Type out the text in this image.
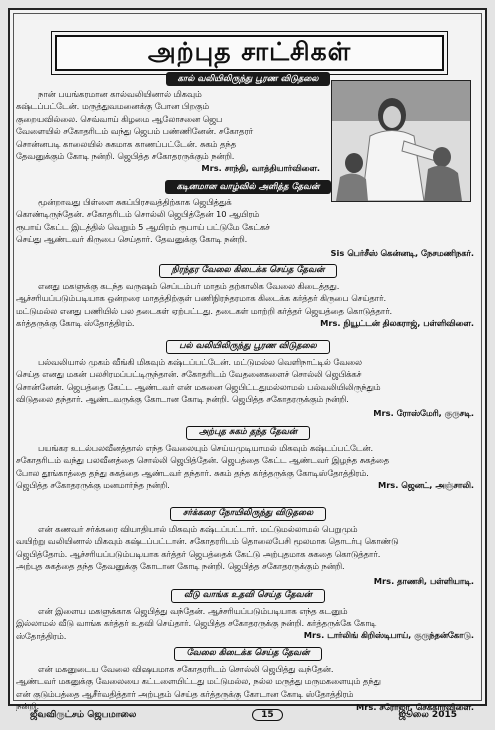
அற்புத சாட்சிகள்
கால் வலியிலிருந்து பூரண விடுதலை
நான் பயங்கரமான கால்வலியினால் மிகவும்
கஷ்டப்பட்டேன். மருத்துவமனைக்கு போன பிறகும்
குறையவில்லை. செவ்வாய் கிழமை ஆலோசனை ஜெப
வேளையில் சகோதரிடம் வந்து ஜெபம் பண்ணினேன். சகோதரர்
சொன்னபடி காலையில் சுகமாக காணப்பட்டேன். சுகம் தந்த
தேவனுக்கும் கோடி நன்றி. ஜெபித்த சகோதரருக்கும் நன்றி.
Mrs. சாந்தி, வாத்தியார்விளை.
கடினமான வாழ்வில் அளித்த தேவன்
மூன்றாவது பிள்ளை சுகப்பிரசவத்திற்காக ஜெபித்துக்
கொண்டிருந்தேன். சகோதரிடம் சொல்லி ஜெபித்தேன் 10 ஆயிரம்
ரூபாய் கேட்ட இடத்தில் வெறும் 5 ஆயிரம் ரூபாய் பட்டுமே கேட்கச்
செய்து ஆண்டவர் கிருபை செய்தார். தேவனுக்கு கோடி நன்றி.
Sis பெர்சீஸ் கென்னடி, நேசமணிநகர்.
நிரந்தர வேலை கிடைக்க செய்த தேவன்
எனது மகளுக்கு கடந்த வருஷம் செப்டம்பர் மாதம் தற்காலிக வேலை கிடைத்தது.
ஆச்சரியப்படும்படியாக ஒன்றரை மாதத்திற்குள் பணிநிரந்தரமாக கிடைக்க கர்த்தர் கிருபை செய்தார்.
மட்டுமல்ல எனது பணியில் பல தடைகள் ஏற்பட்டது. தடைகள் மாற்றி கர்த்தர் ஜெயத்தை கொடுத்தார்.
கர்த்தருக்கு கோடி ஸ்தோத்திரம்.	Mrs. நியூட்டன் திலகராஜ், பள்ளிவிளை.
பல் வலியிலிருந்து பூரண விடுதலை
பல்வலியால் முகம் வீங்கி மிகவும் கஷ்டப்பட்டேன். மட்டுமல்ல வெளிநாட்டில் வேலை
செய்த எனது மகன் பலசிரமப்பட்டிருந்தான். சகோதரிடம் வேதனைகளைச் சொல்லி ஜெபிக்கச்
சொன்னேன். ஜெபத்தை கேட்ட ஆண்டவர் என் மகனை ஜெபிட்டதுமல்லாமல் பல்வலியிலிருந்தும்
விடுதலை தந்தார். ஆண்டவருக்கு கோடான கோடி நன்றி. ஜெபித்த சகோதரருக்கும் நன்றி.
Mrs. ரோஸ்மேரி, குருசடி.
அற்புத சுகம் தந்த தேவன்
பயங்கர உடல்பலவீனத்தால் எந்த வேலையும் செய்யமுடியாமல் மிகவும் கஷ்டப்பட்டேன்.
சகோதரிடம் வந்து பலவீனத்தை சொல்லி ஜெபித்தேன். ஜெபத்தை கேட்ட ஆண்டவர் இழந்த சுகத்தை
போல தூங்காத்தை தந்து சுகத்தை ஆண்டவர் தந்தார். சுகம் தந்த கர்த்தருக்கு கோடிஸ்தோத்திரம்.
ஜெபித்த சகோதரருக்கு மனமார்ந்த நன்றி.	Mrs. ஜெனட், அஞ்சாலி.
சர்க்கரை நோயிலிருந்து விடுதலை
என் கணவர் சர்க்கரை வியாதியால் மிகவும் கஷ்டப்பட்டார். மட்டுமல்லாமல் பெறுமும்
வயிற்று வலியினால் மிகவும் கஷ்டப்பட்டான். சகோதரரிடம் தொலைபேசி மூலமாக தொடர்பு கொண்டு
ஜெபித்தோம். ஆச்சரியப்படும்படியாக கர்த்தர் ஜெபத்தைக் கேட்டு அற்புதமாக சுகதை கொடுத்தார்.
அற்புத சுகத்தை தந்த தேவனுக்கு கோடான கோடி நன்றி. ஜெபித்த சகோதரருக்கும் நன்றி.
Mrs. தாணசி, பள்ளியாடி.
வீடு வாங்க உதவி செய்த தேவன்
என் இளைய மகளுக்காக ஜெபித்து வந்தேன். ஆச்சரியப்படும்படியாக எந்த கடனும்
இல்லாமல் வீடு வாங்க கர்த்தர் உதவி செய்தார். ஜெபித்த சகோதரருக்கு நன்றி. கர்த்தருக்கே கோடி
ஸ்தோத்திரம்.	Mrs. டார்லிங் கிறிஸ்டிபாய், குருந்தன்கோடு.
வேலை கிடைக்க செய்த தேவன்
என் மகனுடைய வேலை விஷயமாக சகோதரரிடம் சொல்லி ஜெபித்து வந்தேன்.
ஆண்டவர் மகனுக்கு வேலையை கட்டளையிட்டது மட்டுமல்ல, நல்ல மருத்து மருமகளையும் தந்து
என் குடும்பத்தை ஆசீர்வதித்தார் அற்புதம் செய்த கர்த்தருக்கு கோடான கோடி ஸ்தோத்திரம்
நன்றி.	Mrs. சரோஜா, செக்காரவிளை.
ஜீவவிருட்சம் ஜெபமாலை	15	ஜூலை 2015
